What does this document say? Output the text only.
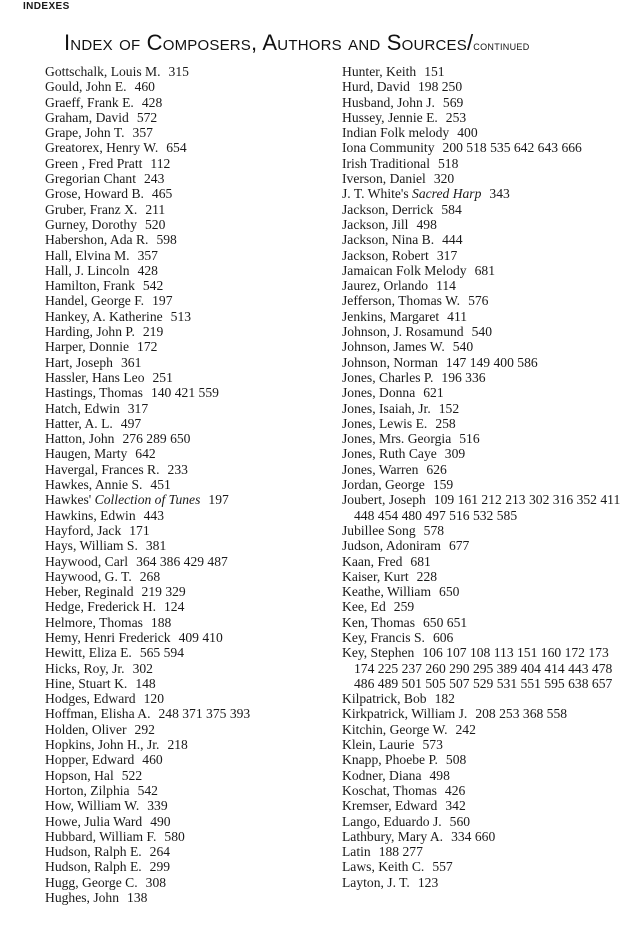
INDEXES
Index of Composers, Authors and Sources/continued
Gottschalk, Louis M. 315
Gould, John E. 460
Graeff, Frank E. 428
Graham, David 572
Grape, John T. 357
Greatorex, Henry W. 654
Green , Fred Pratt 112
Gregorian Chant 243
Grose, Howard B. 465
Gruber, Franz X. 211
Gurney, Dorothy 520
Habershon, Ada R. 598
Hall, Elvina M. 357
Hall, J. Lincoln 428
Hamilton, Frank 542
Handel, George F. 197
Hankey, A. Katherine 513
Harding, John P. 219
Harper, Donnie 172
Hart, Joseph 361
Hassler, Hans Leo 251
Hastings, Thomas 140 421 559
Hatch, Edwin 317
Hatter, A. L. 497
Hatton, John 276 289 650
Haugen, Marty 642
Havergal, Frances R. 233
Hawkes, Annie S. 451
Hawkes' Collection of Tunes 197
Hawkins, Edwin 443
Hayford, Jack 171
Hays, William S. 381
Haywood, Carl 364 386 429 487
Haywood, G. T. 268
Heber, Reginald 219 329
Hedge, Frederick H. 124
Helmore, Thomas 188
Hemy, Henri Frederick 409 410
Hewitt, Eliza E. 565 594
Hicks, Roy, Jr. 302
Hine, Stuart K. 148
Hodges, Edward 120
Hoffman, Elisha A. 248 371 375 393
Holden, Oliver 292
Hopkins, John H., Jr. 218
Hopper, Edward 460
Hopson, Hal 522
Horton, Zilphia 542
How, William W. 339
Howe, Julia Ward 490
Hubbard, William F. 580
Hudson, Ralph E. 264
Hudson, Ralph E. 299
Hugg, George C. 308
Hughes, John 138
Hunter, Keith 151
Hurd, David 198 250
Husband, John J. 569
Hussey, Jennie E. 253
Indian Folk melody 400
Iona Community 200 518 535 642 643 666
Irish Traditional 518
Iverson, Daniel 320
J. T. White's Sacred Harp 343
Jackson, Derrick 584
Jackson, Jill 498
Jackson, Nina B. 444
Jackson, Robert 317
Jamaican Folk Melody 681
Jaurez, Orlando 114
Jefferson, Thomas W. 576
Jenkins, Margaret 411
Johnson, J. Rosamund 540
Johnson, James W. 540
Johnson, Norman 147 149 400 586
Jones, Charles P. 196 336
Jones, Donna 621
Jones, Isaiah, Jr. 152
Jones, Lewis E. 258
Jones, Mrs. Georgia 516
Jones, Ruth Caye 309
Jones, Warren 626
Jordan, George 159
Joubert, Joseph 109 161 212 213 302 316 352 411 448 454 480 497 516 532 585
Jubillee Song 578
Judson, Adoniram 677
Kaan, Fred 681
Kaiser, Kurt 228
Keathe, William 650
Kee, Ed 259
Ken, Thomas 650 651
Key, Francis S. 606
Key, Stephen 106 107 108 113 151 160 172 173 174 225 237 260 290 295 389 404 414 443 478 486 489 501 505 507 529 531 551 595 638 657
Kilpatrick, Bob 182
Kirkpatrick, William J. 208 253 368 558
Kitchin, George W. 242
Klein, Laurie 573
Knapp, Phoebe P. 508
Kodner, Diana 498
Koschat, Thomas 426
Kremser, Edward 342
Lango, Eduardo J. 560
Lathbury, Mary A. 334 660
Latin 188 277
Laws, Keith C. 557
Layton, J. T. 123
